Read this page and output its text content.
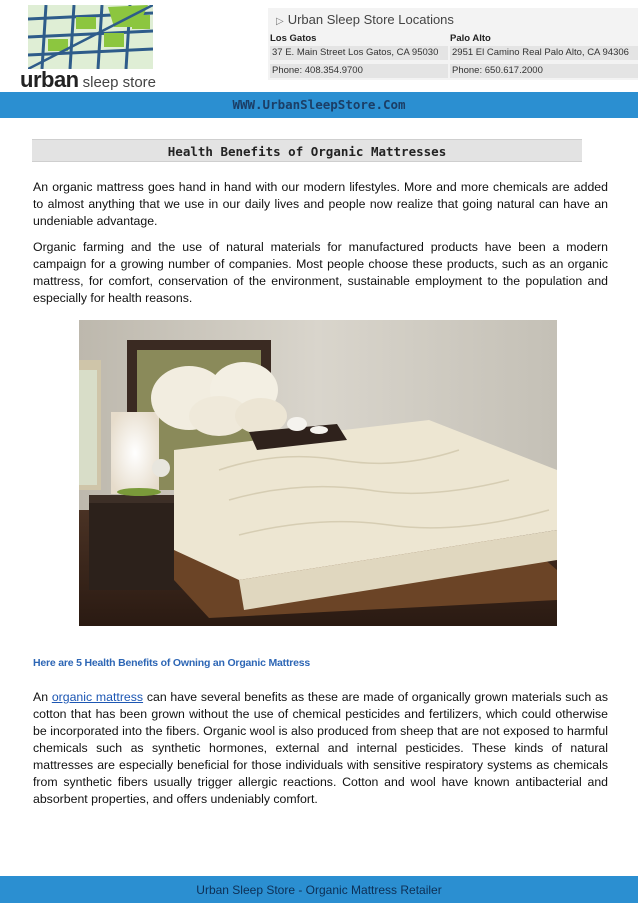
urban sleep store
▷ Urban Sleep Store Locations
Los Gatos
37 E. Main Street Los Gatos, CA 95030
Phone: 408.354.9700
Palo Alto
2951 El Camino Real Palo Alto, CA 94306
Phone: 650.617.2000
WWW.UrbanSleepStore.Com
Health Benefits of Organic Mattresses

An organic mattress goes hand in hand with our modern lifestyles. More and more chemicals are added to almost anything that we use in our daily lives and people now realize that going natural can have an undeniable advantage.

Organic farming and the use of natural materials for manufactured products have been a modern campaign for a growing number of companies. Most people choose these products, such as an organic mattress, for comfort, conservation of the environment, sustainable employment to the population and especially for health reasons.

Here are 5 Health Benefits of Owning an Organic Mattress

An organic mattress can have several benefits as these are made of organically grown materials such as cotton that has been grown without the use of chemical pesticides and fertilizers, which could otherwise be incorporated into the fibers. Organic wool is also produced from sheep that are not exposed to harmful chemicals such as synthetic hormones, external and internal pesticides. These kinds of natural mattresses are especially beneficial for those individuals with sensitive respiratory systems as chemicals from synthetic fibers usually trigger allergic reactions. Cotton and wool have known antibacterial and absorbent properties, and offers undeniably comfort.

Urban Sleep Store - Organic Mattress Retailer
